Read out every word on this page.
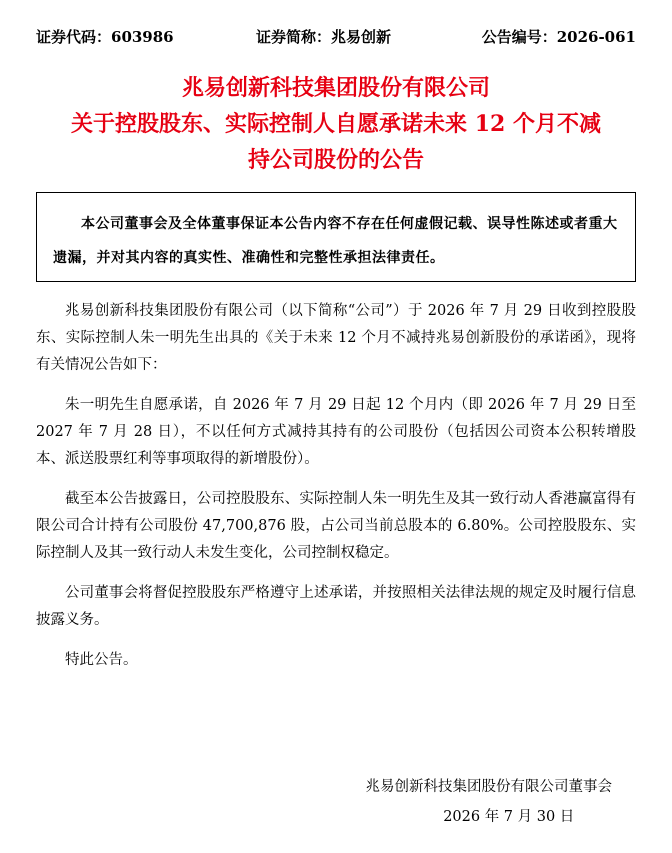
证券代码：603986	证券简称：兆易创新	公告编号：2026-061
兆易创新科技集团股份有限公司
关于控股股东、实际控制人自愿承诺未来 12 个月不减
持公司股份的公告

本公司董事会及全体董事保证本公告内容不存在任何虚假记载、误导性陈述或者重大遗漏，并对其内容的真实性、准确性和完整性承担法律责任。

兆易创新科技集团股份有限公司（以下简称“公司”）于 2026 年 7 月 29 日收到控股股东、实际控制人朱一明先生出具的《关于未来 12 个月不减持兆易创新股份的承诺函》，现将有关情况公告如下：

朱一明先生自愿承诺，自 2026 年 7 月 29 日起 12 个月内（即 2026 年 7 月 29 日至 2027 年 7 月 28 日），不以任何方式减持其持有的公司股份（包括因公司资本公积转增股本、派送股票红利等事项取得的新增股份）。

截至本公告披露日，公司控股股东、实际控制人朱一明先生及其一致行动人香港赢富得有限公司合计持有公司股份 47,700,876 股，占公司当前总股本的 6.80%。公司控股股东、实际控制人及其一致行动人未发生变化，公司控制权稳定。

公司董事会将督促控股股东严格遵守上述承诺，并按照相关法律法规的规定及时履行信息披露义务。

特此公告。

兆易创新科技集团股份有限公司董事会
2026 年 7 月 30 日
